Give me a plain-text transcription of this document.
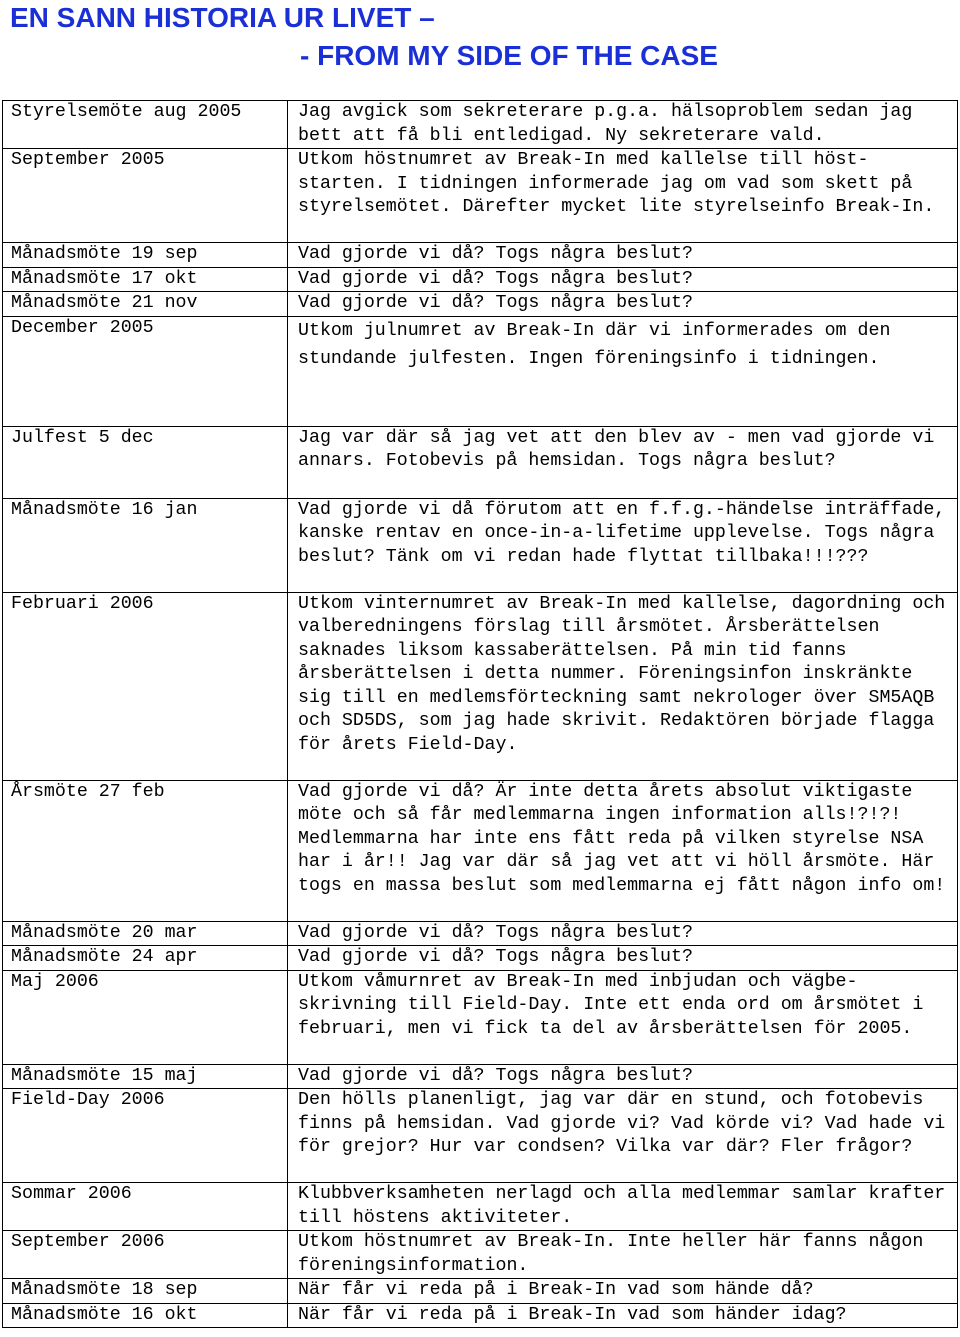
EN SANN HISTORIA UR LIVET –
- FROM MY SIDE OF THE CASE
Styrelsemöte aug 2005	Jag avgick som sekreterare p.g.a. hälsoproblem sedan jag bett att få bli entledigad. Ny sekreterare vald.
September 2005	Utkom höstnumret av Break-In med kallelse till höst-starten. I tidningen informerade jag om vad som skett på styrelsemötet. Därefter mycket lite styrelseinfo Break-In.
Månadsmöte 19 sep	Vad gjorde vi då? Togs några beslut?
Månadsmöte 17 okt	Vad gjorde vi då? Togs några beslut?
Månadsmöte 21 nov	Vad gjorde vi då? Togs några beslut?
December 2005	Utkom julnumret av Break-In där vi informerades om den stundande julfesten. Ingen föreningsinfo i tidningen.
Julfest 5 dec	Jag var där så jag vet att den blev av - men vad gjorde vi annars. Fotobevis på hemsidan. Togs några beslut?
Månadsmöte 16 jan	Vad gjorde vi då förutom att en f.f.g.-händelse inträffade, kanske rentav en once-in-a-lifetime upplevelse. Togs några beslut? Tänk om vi redan hade flyttat tillbaka!!!???
Februari 2006	Utkom vinternumret av Break-In med kallelse, dagordning och valberedningens förslag till årsmötet. Årsberättelsen saknades liksom kassaberättelsen. På min tid fanns årsberättelsen i detta nummer. Föreningsinfon inskränkte sig till en medlemsförteckning samt nekrologer över SM5AQB och SD5DS, som jag hade skrivit. Redaktören började flagga för årets Field-Day.
Årsmöte 27 feb	Vad gjorde vi då? Är inte detta årets absolut viktigaste möte och så får medlemmarna ingen information alls!?!?! Medlemmarna har inte ens fått reda på vilken styrelse NSA har i år!! Jag var där så jag vet att vi höll årsmöte. Här togs en massa beslut som medlemmarna ej fått någon info om!
Månadsmöte 20 mar	Vad gjorde vi då? Togs några beslut?
Månadsmöte 24 apr	Vad gjorde vi då? Togs några beslut?
Maj 2006	Utkom våmurnret av Break-In med inbjudan och vägbe-skrivning till Field-Day. Inte ett enda ord om årsmötet i februari, men vi fick ta del av årsberättelsen för 2005.
Månadsmöte 15 maj	Vad gjorde vi då? Togs några beslut?
Field-Day 2006	Den hölls planenligt, jag var där en stund, och fotobevis finns på hemsidan. Vad gjorde vi? Vad körde vi? Vad hade vi för grejor? Hur var condsen? Vilka var där? Fler frågor?
Sommar 2006	Klubbverksamheten nerlagd och alla medlemmar samlar krafter till höstens aktiviteter.
September 2006	Utkom höstnumret av Break-In. Inte heller här fanns någon föreningsinformation.
Månadsmöte 18 sep	När får vi reda på i Break-In vad som hände då?
Månadsmöte 16 okt	När får vi reda på i Break-In vad som händer idag?
